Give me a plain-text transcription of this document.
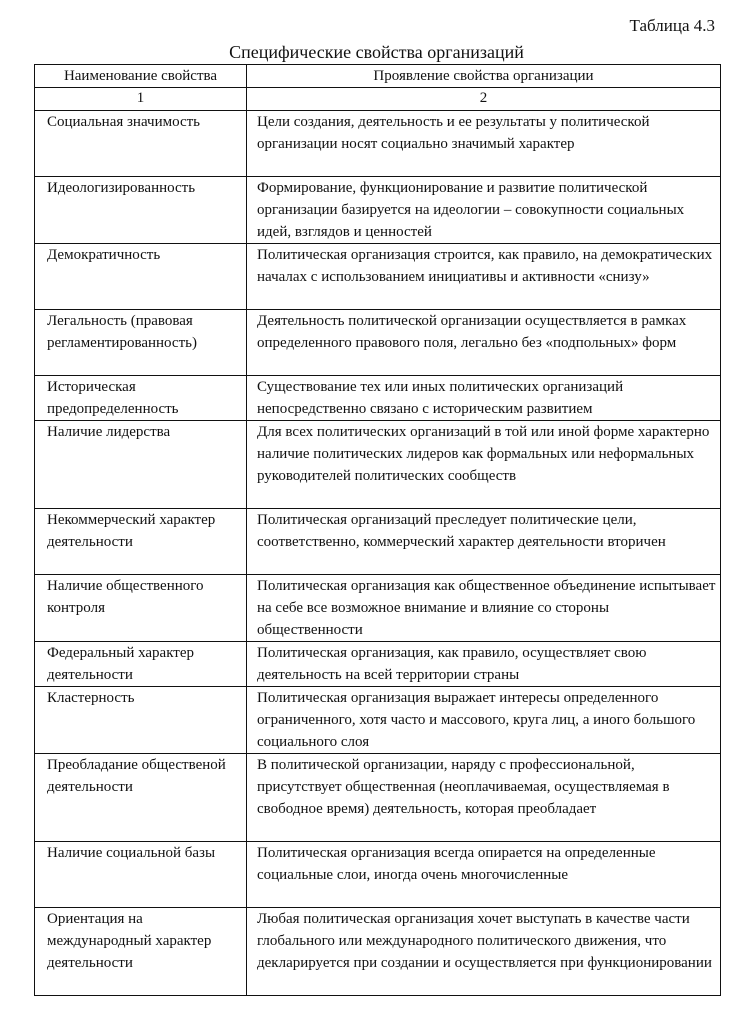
Таблица 4.3
Специфические свойства организаций
Наименование свойства	Проявление свойства организации
1	2
Социальная значимость	Цели создания, деятельность и ее результаты у политической организации носят социально значимый характер
Идеологизированность	Формирование, функционирование и развитие политической организации базируется на идеологии – совокупности социальных идей, взглядов и ценностей
Демократичность	Политическая организация строится, как правило, на демократических началах с использованием инициативы и активности «снизу»
Легальность (правовая регламентированность)	Деятельность политической организации осуществляется в рамках определенного правового поля, легально без «подпольных» форм
Историческая предопределенность	Существование тех или иных политических организаций непосредственно связано с историческим развитием
Наличие лидерства	Для всех политических организаций в той или иной форме характерно наличие политических лидеров как формальных или неформальных руководителей политических сообществ
Некоммерческий характер деятельности	Политическая организаций преследует политические цели, соответственно, коммерческий характер деятельности вторичен
Наличие общественного контроля	Политическая организация как общественное объединение испытывает на себе все возможное внимание и влияние со стороны общественности
Федеральный характер деятельности	Политическая организация, как правило, осуществляет свою деятельность на всей территории страны
Кластерность	Политическая организация выражает интересы определенного ограниченного, хотя часто и массового, круга лиц, а иного большого социального слоя
Преобладание общественой деятельности	В политической организации, наряду с профессиональной, присутствует общественная (неоплачиваемая, осуществляемая в свободное время) деятельность, которая преобладает
Наличие социальной базы	Политическая организация всегда опирается на определенные социальные слои, иногда очень многочисленные
Ориентация на международный характер деятельности	Любая политическая организация хочет выступать в качестве части глобального или международного политического движения, что декларируется при создании и осуществляется при функционировании
